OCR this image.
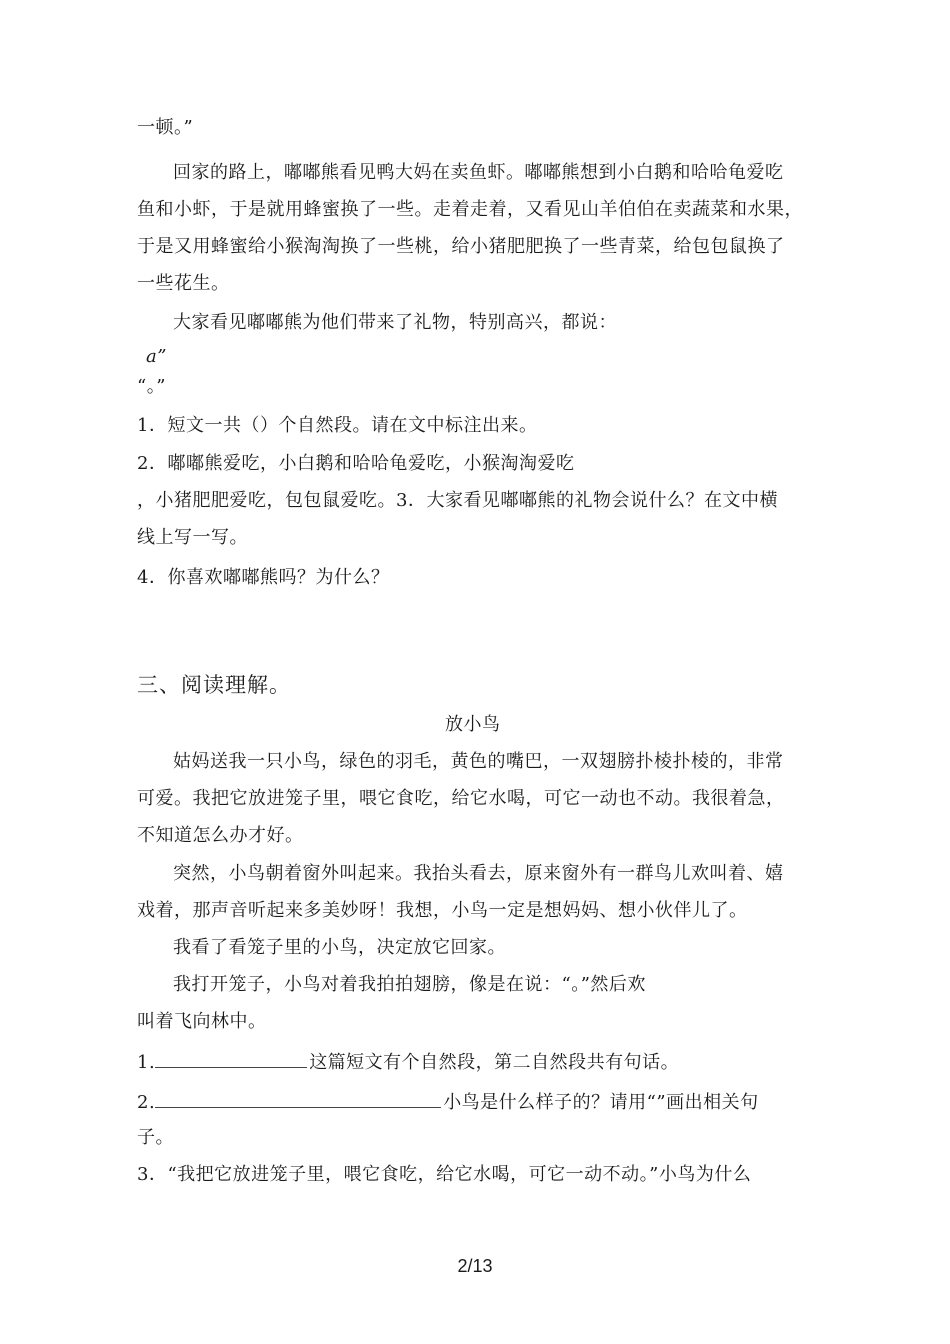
一顿。”
回家的路上，嘟嘟熊看见鸭大妈在卖鱼虾。嘟嘟熊想到小白鹅和哈哈龟爱吃
鱼和小虾，于是就用蜂蜜换了一些。走着走着，又看见山羊伯伯在卖蔬菜和水果，
于是又用蜂蜜给小猴淘淘换了一些桃，给小猪肥肥换了一些青菜，给包包鼠换了
一些花生。
大家看见嘟嘟熊为他们带来了礼物，特别高兴，都说：
a”
“。”
1．短文一共（）个自然段。请在文中标注出来。
2．嘟嘟熊爱吃，小白鹅和哈哈龟爱吃，小猴淘淘爱吃
，小猪肥肥爱吃，包包鼠爱吃。3．大家看见嘟嘟熊的礼物会说什么？在文中横
线上写一写。
4．你喜欢嘟嘟熊吗？为什么？
三、阅读理解。
放小鸟
姑妈送我一只小鸟，绿色的羽毛，黄色的嘴巴，一双翅膀扑棱扑棱的，非常
可爱。我把它放进笼子里，喂它食吃，给它水喝，可它一动也不动。我很着急，
不知道怎么办才好。
突然，小鸟朝着窗外叫起来。我抬头看去，原来窗外有一群鸟儿欢叫着、嬉
戏着，那声音听起来多美妙呀！我想，小鸟一定是想妈妈、想小伙伴儿了。
我看了看笼子里的小鸟，决定放它回家。
我打开笼子，小鸟对着我拍拍翅膀，像是在说：“。”然后欢
叫着飞向林中。
1.	这篇短文有个自然段，第二自然段共有句话。
2.	小鸟是什么样子的？请用“”画出相关句
子。
3．“我把它放进笼子里，喂它食吃，给它水喝，可它一动不动。”小鸟为什么
2/13
